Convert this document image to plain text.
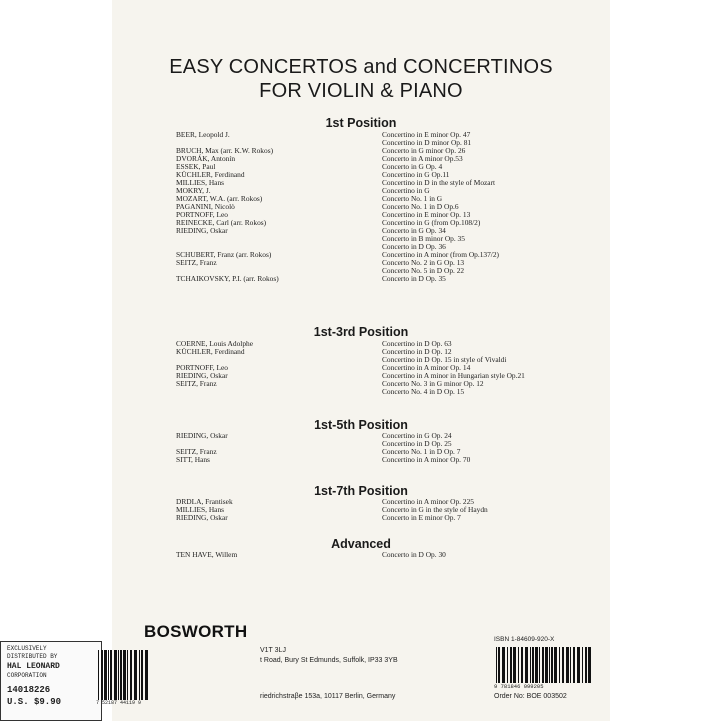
EASY CONCERTOS and CONCERTINOS
FOR VIOLIN & PIANO
1st Position
BEER, Leopold J.	Concertino in E minor Op. 47
Concertino in D minor Op. 81
BRUCH, Max (arr. K.W. Rokos)	Concerto in G minor Op. 26
DVORÁK, Antonín	Concerto in A minor Op.53
ESSEK, Paul	Concerto in G Op. 4
KÜCHLER, Ferdinand	Concertino in G Op.11
MILLIES, Hans	Concertino in D in the style of Mozart
MOKRY, J.	Concertino in G
MOZART, W.A. (arr. Rokos)	Concerto No. 1 in G
PAGANINI, Nicolò	Concerto No. 1 in D Op.6
PORTNOFF, Leo	Concertino in E minor Op. 13
REINECKE, Carl (arr. Rokos)	Concertino in G (from Op.108/2)
RIEDING, Oskar	Concerto in G Op. 34
Concerto in B minor Op. 35
Concerto in D Op. 36
SCHUBERT, Franz (arr. Rokos)	Concertino in A minor (from Op.137/2)
SEITZ, Franz	Concerto No. 2 in G Op. 13
Concerto No. 5 in D Op. 22
TCHAIKOVSKY, P.I. (arr. Rokos)	Concerto in D Op. 35
1st-3rd Position
COERNE, Louis Adolphe	Concertino in D Op. 63
KÜCHLER, Ferdinand	Concertino in D Op. 12
Concertino in D Op. 15 in style of Vivaldi
PORTNOFF, Leo	Concertino in A minor Op. 14
RIEDING, Oskar	Concertino in A minor in Hungarian style Op.21
SEITZ, Franz	Concerto No. 3 in G minor Op. 12
Concerto No. 4 in D Op. 15
1st-5th Position
RIEDING, Oskar	Concertino in G Op. 24
Concertino in D Op. 25
SEITZ, Franz	Concerto No. 1 in D Op. 7
SITT, Hans	Concertino in A minor Op. 70
1st-7th Position
DRDLA, Frantisek	Concertino in A minor Op. 225
MILLIES, Hans	Concerto in G in the style of Haydn
RIEDING, Oskar	Concerto in E minor Op. 7
Advanced
TEN HAVE, Willem	Concerto in D Op. 30
BOSWORTH	ISBN 1-84609-920-X
V1T 3LJ
t Road, Bury St Edmunds, Suffolk, IP33 3YB
riedrichstraβe 153a, 10117 Berlin, Germany
9 781846 099205
Order No: BOE 003502
EXCLUSIVELY
DISTRIBUTED BY
HAL LEONARD
CORPORATION
14018226
U.S. $9.90	7 52187 44119 9
